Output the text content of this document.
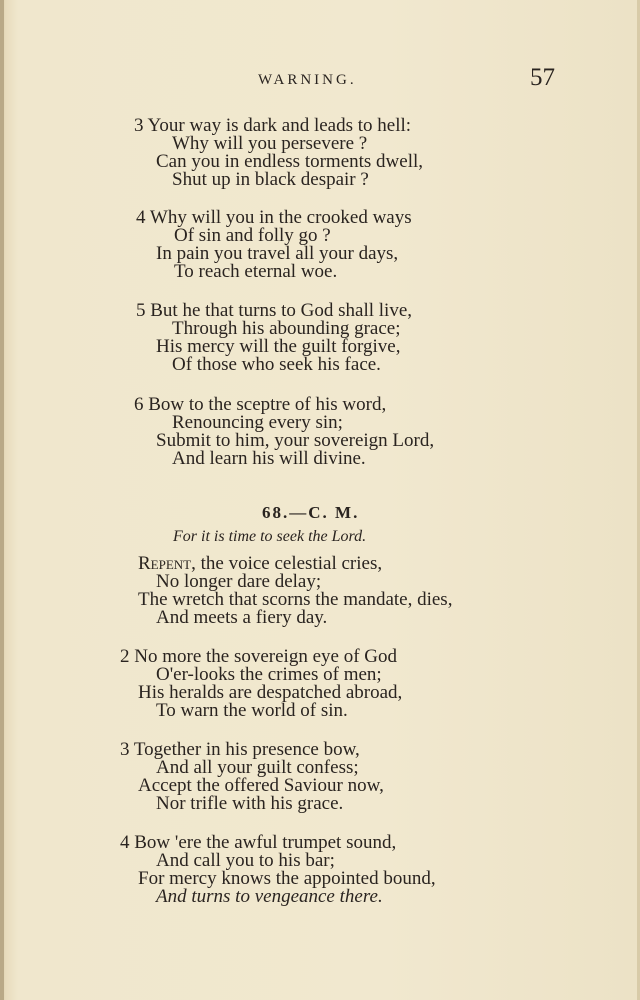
WARNING.	57
3 Your way is dark and leads to hell:
Why will you persevere ?
Can you in endless torments dwell,
Shut up in black despair ?
4 Why will you in the crooked ways
Of sin and folly go ?
In pain you travel all your days,
To reach eternal woe.
5 But he that turns to God shall live,
Through his abounding grace;
His mercy will the guilt forgive,
Of those who seek his face.
6 Bow to the sceptre of his word,
Renouncing every sin;
Submit to him, your sovereign Lord,
And learn his will divine.
68.—C. M.
For it is time to seek the Lord.
Repent, the voice celestial cries,
No longer dare delay;
The wretch that scorns the mandate, dies,
And meets a fiery day.
2 No more the sovereign eye of God
O'er-looks the crimes of men;
His heralds are despatched abroad,
To warn the world of sin.
3 Together in his presence bow,
And all your guilt confess;
Accept the offered Saviour now,
Nor trifle with his grace.
4 Bow 'ere the awful trumpet sound,
And call you to his bar;
For mercy knows the appointed bound,
And turns to vengeance there.
